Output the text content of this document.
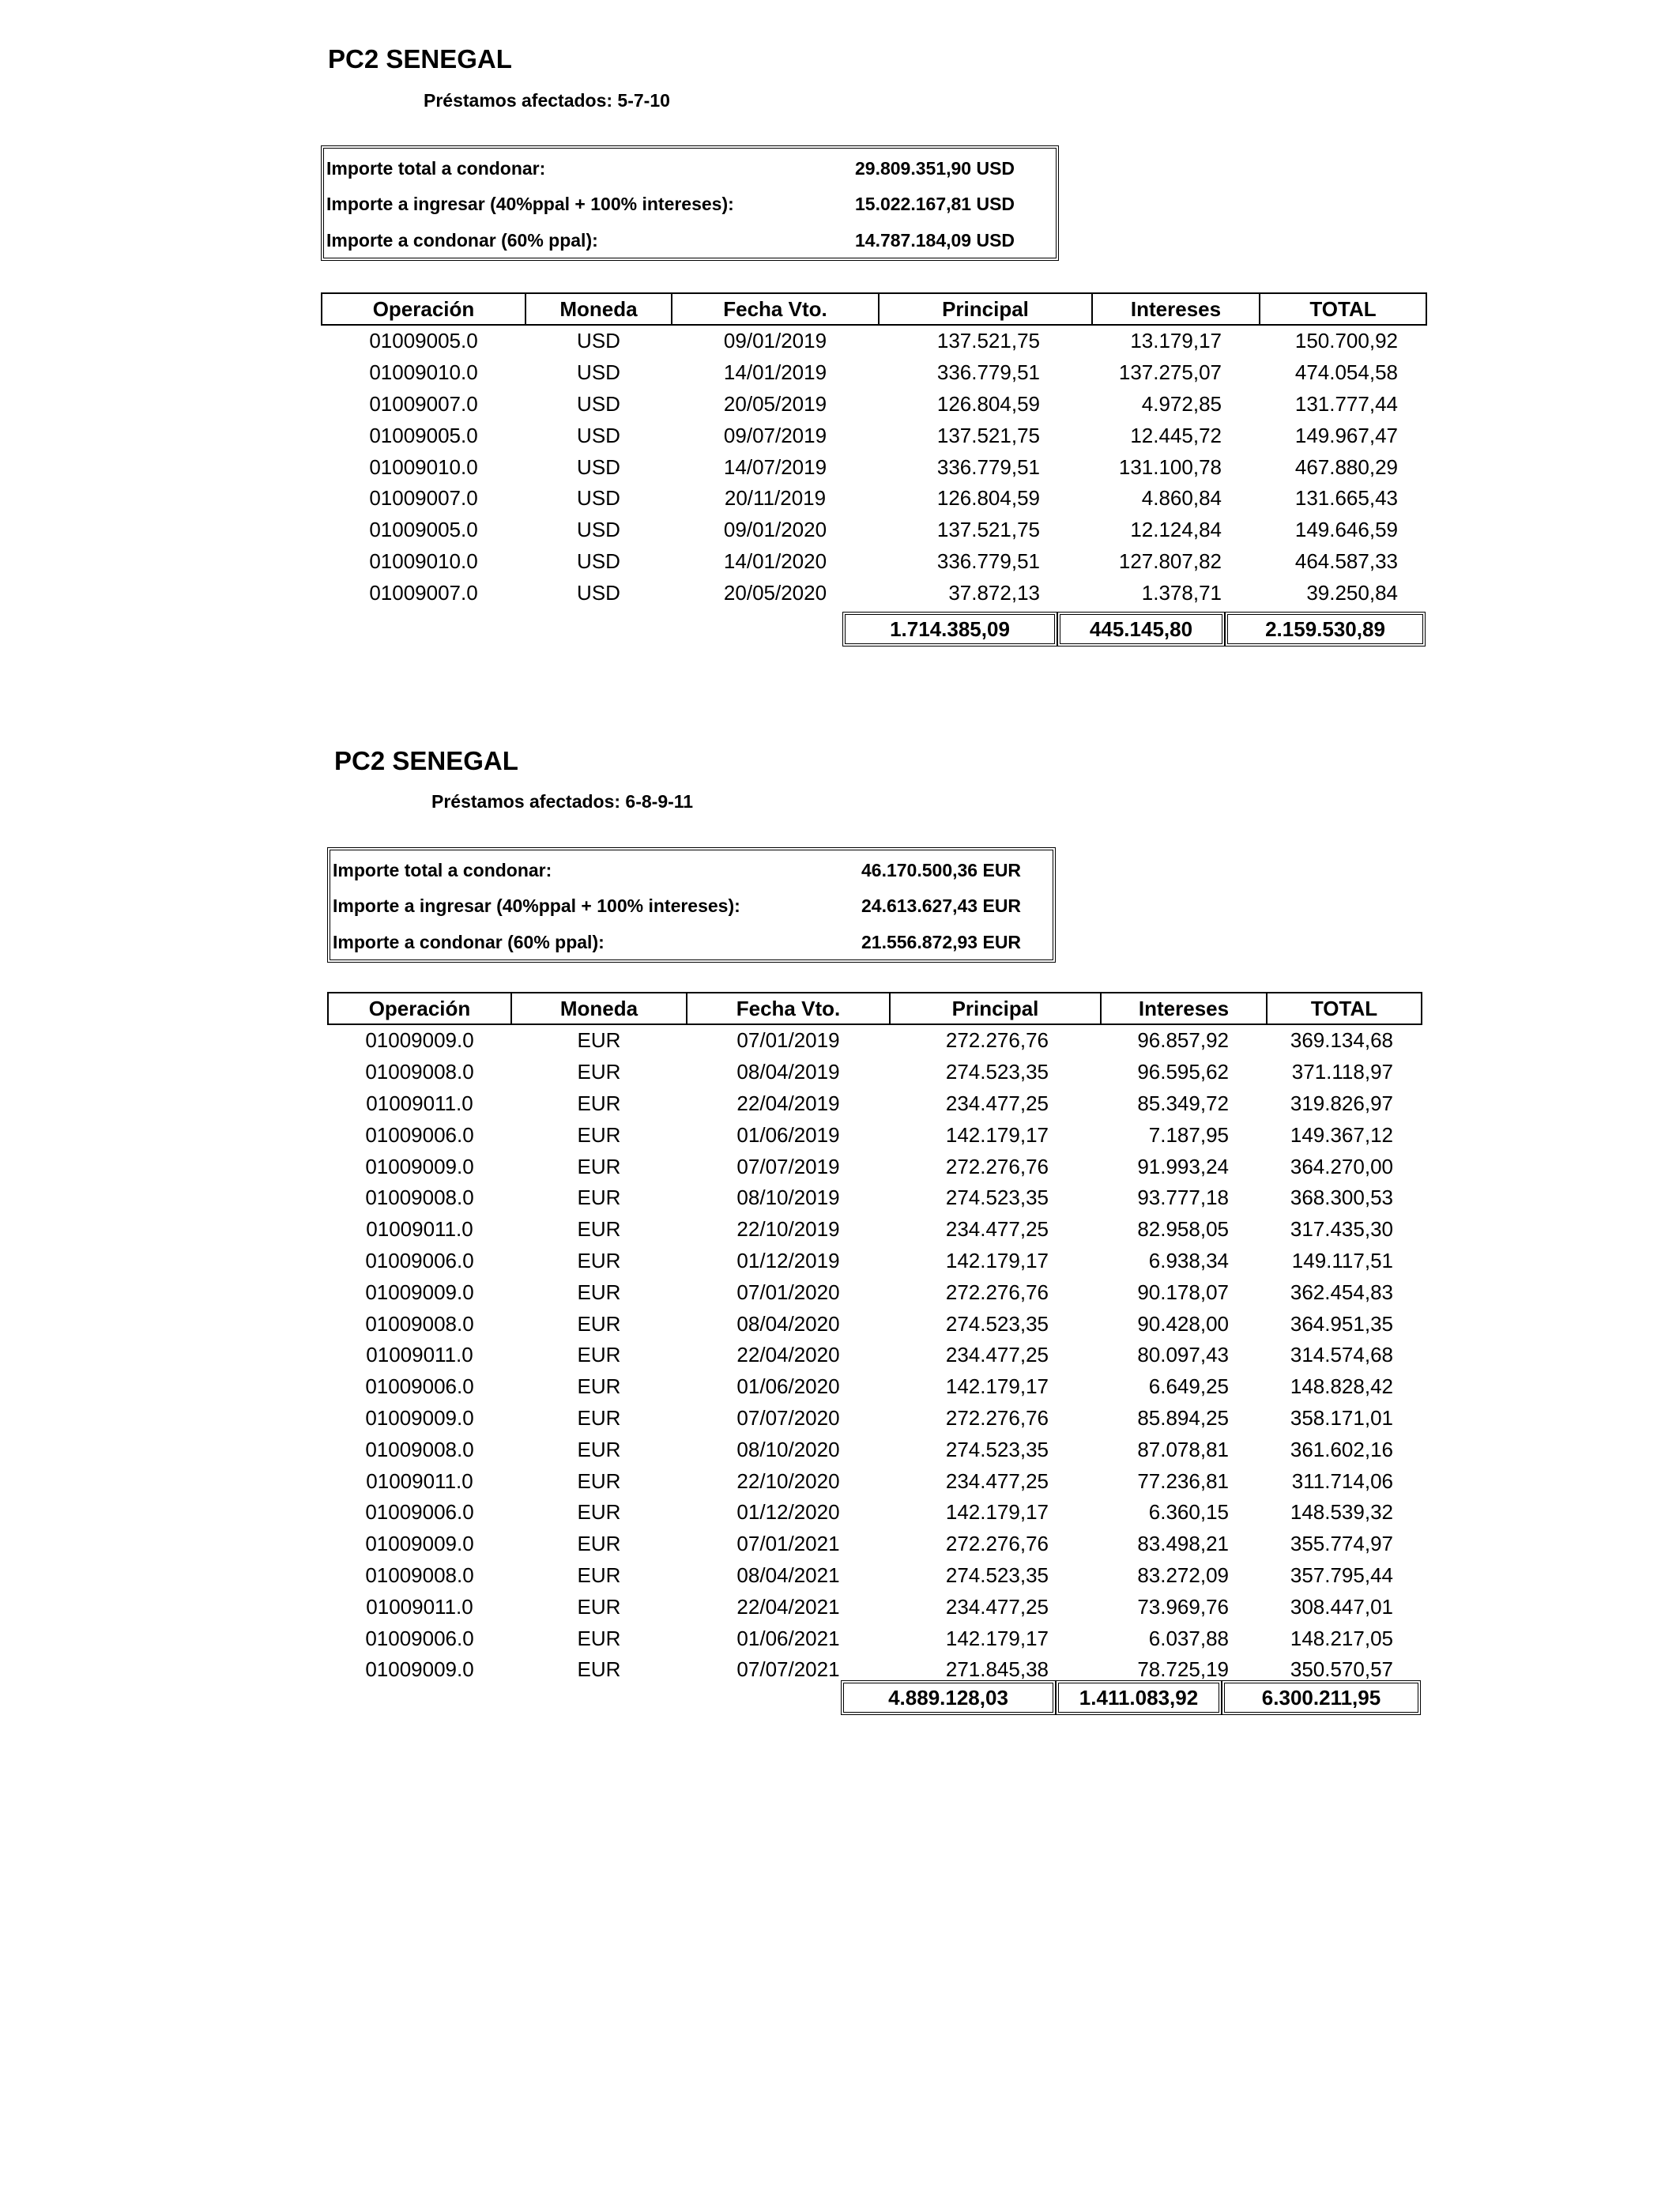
PC2 SENEGAL
Préstamos afectados: 5-7-10
Importe total a condonar:	29.809.351,90 USD
Importe a ingresar (40%ppal + 100% intereses):	15.022.167,81 USD
Importe a condonar (60% ppal):	14.787.184,09 USD
Operación	Moneda	Fecha Vto.	Principal	Intereses	TOTAL
01009005.0	USD	09/01/2019	137.521,75	13.179,17	150.700,92
01009010.0	USD	14/01/2019	336.779,51	137.275,07	474.054,58
01009007.0	USD	20/05/2019	126.804,59	4.972,85	131.777,44
01009005.0	USD	09/07/2019	137.521,75	12.445,72	149.967,47
01009010.0	USD	14/07/2019	336.779,51	131.100,78	467.880,29
01009007.0	USD	20/11/2019	126.804,59	4.860,84	131.665,43
01009005.0	USD	09/01/2020	137.521,75	12.124,84	149.646,59
01009010.0	USD	14/01/2020	336.779,51	127.807,82	464.587,33
01009007.0	USD	20/05/2020	37.872,13	1.378,71	39.250,84
1.714.385,09	445.145,80	2.159.530,89
PC2 SENEGAL
Préstamos afectados: 6-8-9-11
Importe total a condonar:	46.170.500,36 EUR
Importe a ingresar (40%ppal + 100% intereses):	24.613.627,43 EUR
Importe a condonar (60% ppal):	21.556.872,93 EUR
Operación	Moneda	Fecha Vto.	Principal	Intereses	TOTAL
01009009.0	EUR	07/01/2019	272.276,76	96.857,92	369.134,68
01009008.0	EUR	08/04/2019	274.523,35	96.595,62	371.118,97
01009011.0	EUR	22/04/2019	234.477,25	85.349,72	319.826,97
01009006.0	EUR	01/06/2019	142.179,17	7.187,95	149.367,12
01009009.0	EUR	07/07/2019	272.276,76	91.993,24	364.270,00
01009008.0	EUR	08/10/2019	274.523,35	93.777,18	368.300,53
01009011.0	EUR	22/10/2019	234.477,25	82.958,05	317.435,30
01009006.0	EUR	01/12/2019	142.179,17	6.938,34	149.117,51
01009009.0	EUR	07/01/2020	272.276,76	90.178,07	362.454,83
01009008.0	EUR	08/04/2020	274.523,35	90.428,00	364.951,35
01009011.0	EUR	22/04/2020	234.477,25	80.097,43	314.574,68
01009006.0	EUR	01/06/2020	142.179,17	6.649,25	148.828,42
01009009.0	EUR	07/07/2020	272.276,76	85.894,25	358.171,01
01009008.0	EUR	08/10/2020	274.523,35	87.078,81	361.602,16
01009011.0	EUR	22/10/2020	234.477,25	77.236,81	311.714,06
01009006.0	EUR	01/12/2020	142.179,17	6.360,15	148.539,32
01009009.0	EUR	07/01/2021	272.276,76	83.498,21	355.774,97
01009008.0	EUR	08/04/2021	274.523,35	83.272,09	357.795,44
01009011.0	EUR	22/04/2021	234.477,25	73.969,76	308.447,01
01009006.0	EUR	01/06/2021	142.179,17	6.037,88	148.217,05
01009009.0	EUR	07/07/2021	271.845,38	78.725,19	350.570,57
4.889.128,03	1.411.083,92	6.300.211,95
